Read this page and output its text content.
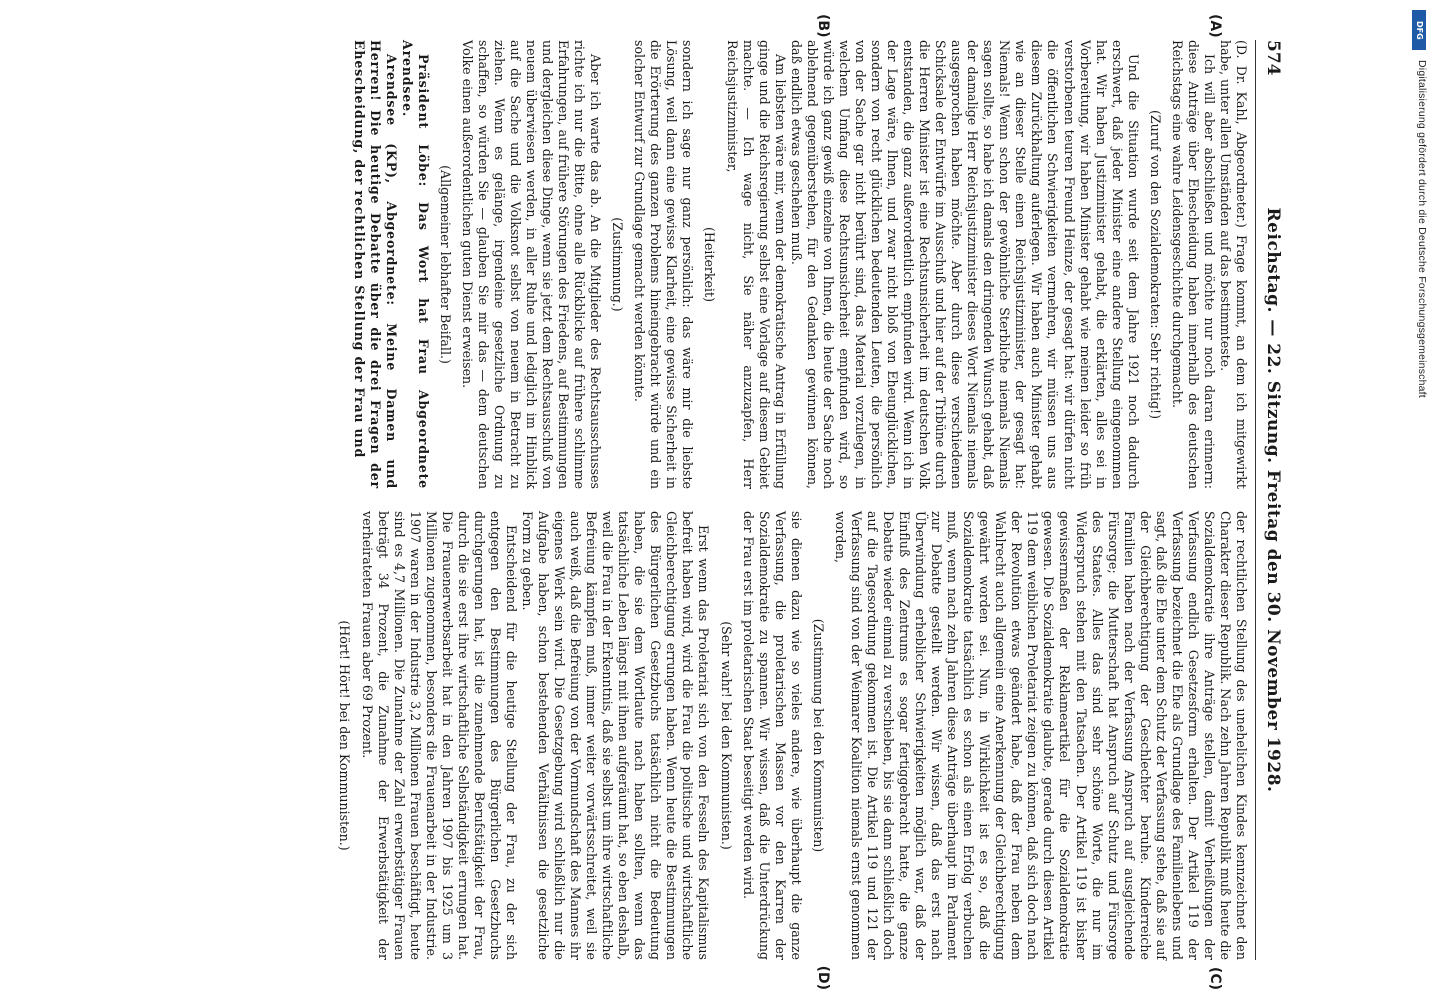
DFG
Digitalisierung gefördert durch die Deutsche Forschungsgemeinschaft
574
Reichstag. — 22. Sitzung. Freitag den 30. November 1928.
(A)
(B)

(D. Dr. Kahl, Abgeordneter.) Frage kommt, an dem ich mitgewirkt habe, unter allen Umständen auf das bestimmteste.

Ich will aber abschließen und möchte nur noch daran erinnern: diese Anträge über Ehescheidung haben innerhalb des deutschen Reichstags eine wahre Leidensgeschichte durchgemacht.

(Zuruf von den Sozialdemokraten: Sehr richtig!)

Und die Situation wurde seit dem Jahre 1921 noch dadurch erschwert, daß jeder Minister eine andere Stellung eingenommen hat. Wir haben Justizminister gehabt, die erklärten, alles sei in Vorbereitung, wir haben Minister gehabt wie meinen leider so früh verstorbenen teuren Freund Heinze, der gesagt hat: wir dürfen nicht die öffentlichen Schwierigkeiten vermehren, wir müssen uns aus diesem Zurückhaltung auferlegen. Wir haben auch Minister gehabt wie an dieser Stelle einen Reichsjustizminister, der gesagt hat: Niemals! Wenn schon der gewöhnliche Sterbliche niemals Niemals sagen sollte, so habe ich damals den dringenden Wunsch gehabt, daß der damalige Herr Reichsjustizminister dieses Wort Niemals niemals ausgesprochen haben möchte. Aber durch diese verschiedenen Schicksale der Entwürfe im Ausschuß und hier auf der Tribüne durch die Herren Minister ist eine Rechtsunsicherheit im deutschen Volk entstanden, die ganz außerordentlich empfunden wird. Wenn ich in der Lage wäre, Ihnen, und zwar nicht bloß von Eheunglücklichen, sondern von recht glücklichen bedeutenden Leuten, die persönlich von der Sache gar nicht berührt sind, das Material vorzulegen, in welchem Umfang diese Rechtsunsicherheit empfunden wird, so würde ich ganz gewiß einzelne von Ihnen, die heute der Sache noch ablehnend gegenüberstehen, für den Gedanken gewinnen können, daß endlich etwas geschehen muß.

Am liebsten wäre mir, wenn der demokratische Antrag in Erfüllung ginge und die Reichsregierung selbst eine Vorlage auf diesem Gebiet machte. — Ich wage nicht, Sie näher anzuzapfen, Herr Reichsjustizminister,

(Heiterkeit)

sondern ich sage nur ganz persönlich: das wäre mir die liebste Lösung, weil dann eine gewisse Klarheit, eine gewisse Sicherheit in die Erörterung des ganzen Problems hineingebracht würde und ein solcher Entwurf zur Grundlage gemacht werden könnte.

(Zustimmung.)

Aber ich warte das ab. An die Mitglieder des Rechtsausschusses richte ich nur die Bitte, ohne alle Rückblicke auf frühere schlimme Erfahrungen, auf frühere Störungen des Friedens, auf Bestimmungen und dergleichen diese Dinge, wenn sie jetzt dem Rechtsausschuß von neuem überwiesen werden, in aller Ruhe und lediglich im Hinblick auf die Sache und die Volksnot selbst von neuem in Betracht zu ziehen. Wenn es gelänge, irgendeine gesetzliche Ordnung zu schaffen, so würden Sie — glauben Sie mir das — dem deutschen Volke einen außerordentlichen guten Dienst erweisen.

(Allgemeiner lebhafter Beifall.)

Präsident Löbe: Das Wort hat Frau Abgeordnete Arendsee.

Arendsee (KP), Abgeordnete: Meine Damen und Herren! Die heutige Debatte über die drei Fragen der Ehescheidung, der rechtlichen Stellung der Frau und

(C)
(D)

der rechtlichen Stellung des unehelichen Kindes kennzeichnet den Charakter dieser Republik. Nach zehn Jahren Republik muß heute die Sozialdemokratie ihre Anträge stellen, damit Verheißungen der Verfassung endlich Gesetzesform erhalten. Der Artikel 119 der Verfassung bezeichnet die Ehe als Grundlage des Familienlebens und sagt, daß die Ehe unter dem Schutz der Verfassung stehe, daß sie auf der Gleichberechtigung der Geschlechter beruhe. Kinderreiche Familien haben nach der Verfassung Anspruch auf ausgleichende Fürsorge; die Mutterschaft hat Anspruch auf Schutz und Fürsorge des Staates. Alles das sind sehr schöne Worte, die nur im Widerspruch stehen mit den Tatsachen. Der Artikel 119 ist bisher gewissermaßen der Reklameartikel für die Sozialdemokratie gewesen. Die Sozialdemokratie glaubte, gerade durch diesen Artikel 119 dem weiblichen Proletariat zeigen zu können, daß sich doch nach der Revolution etwas geändert habe, daß der Frau neben dem Wahlrecht auch allgemein eine Anerkennung der Gleichberechtigung gewährt worden sei. Nun, in Wirklichkeit ist es so, daß die Sozialdemokratie tatsächlich es schon als einen Erfolg verbuchen muß, wenn nach zehn Jahren diese Anträge überhaupt im Parlament zur Debatte gestellt werden. Wir wissen, daß das erst nach Überwindung erheblicher Schwierigkeiten möglich war, daß der Einfluß des Zentrums es sogar fertiggebracht hatte, die ganze Debatte wieder einmal zu verschieben, bis sie dann schließlich doch auf die Tagesordnung gekommen ist. Die Artikel 119 und 121 der Verfassung sind von der Weimarer Koalition niemals ernst genommen worden,

(Zustimmung bei den Kommunisten)

sie dienen dazu wie so vieles andere, wie überhaupt die ganze Verfassung, die proletarischen Massen vor den Karren der Sozialdemokratie zu spannen. Wir wissen, daß die Unterdrückung der Frau erst im proletarischen Staat beseitigt werden wird.

(Sehr wahr! bei den Kommunisten.)

Erst wenn das Proletariat sich von den Fesseln des Kapitalismus befreit haben wird, wird die Frau die politische und wirtschaftliche Gleichberechtigung errungen haben. Wenn heute die Bestimmungen des Bürgerlichen Gesetzbuchs tatsächlich nicht die Bedeutung haben, die sie dem Wortlaute nach haben sollten, wenn das tatsächliche Leben längst mit ihnen aufgeräumt hat, so eben deshalb, weil die Frau in der Erkenntnis, daß sie selbst um ihre wirtschaftliche Befreiung kämpfen muß, immer weiter vorwärtsschreitet, weil sie auch weiß, daß die Befreiung von der Vormundschaft des Mannes ihr eigenes Werk sein wird. Die Gesetzgebung wird schließlich nur die Aufgabe haben, schon bestehenden Verhältnissen die gesetzliche Form zu geben.

Entscheidend für die heutige Stellung der Frau, zu der sich entgegen den Bestimmungen des Bürgerlichen Gesetzbuchs durchgerungen hat, ist die zunehmende Berufstätigkeit der Frau, durch die sie erst ihre wirtschaftliche Selbständigkeit errungen hat. Die Frauenerwerbsarbeit hat in den Jahren 1907 bis 1925 um 3 Millionen zugenommen, besonders die Frauenarbeit in der Industrie. 1907 waren in der Industrie 3,2 Millionen Frauen beschäftigt, heute sind es 4,7 Millionen. Die Zunahme der Zahl erwerbstätiger Frauen beträgt 34 Prozent, die Zunahme der Erwerbstätigkeit der verheirateten Frauen aber 69 Prozent.

(Hört! Hört! bei den Kommunisten.)
